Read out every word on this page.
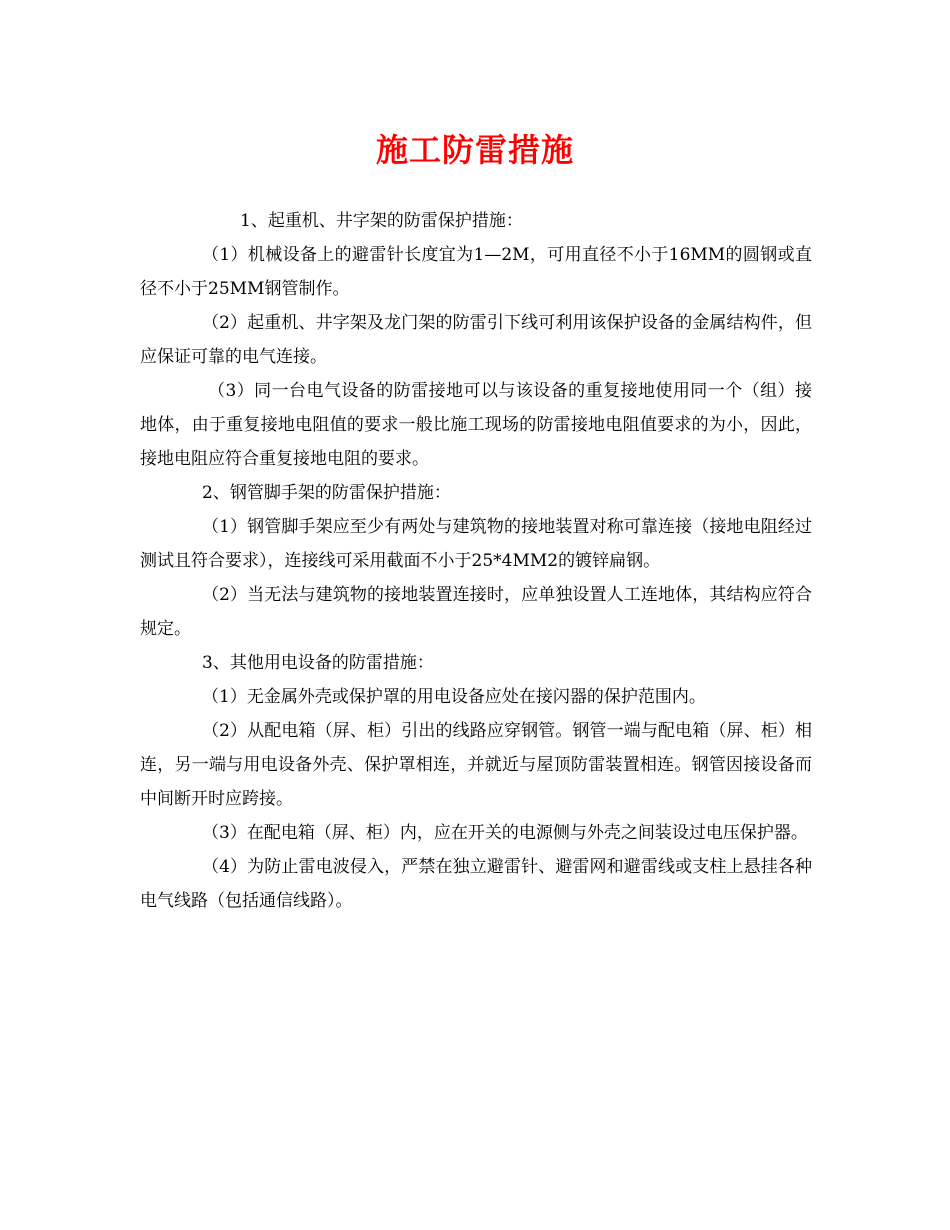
施工防雷措施

1、起重机、井字架的防雷保护措施：

（1）机械设备上的避雷针长度宜为1—2M，可用直径不小于16MM的圆钢或直径不小于25MM钢管制作。

（2）起重机、井字架及龙门架的防雷引下线可利用该保护设备的金属结构件，但应保证可靠的电气连接。

（3）同一台电气设备的防雷接地可以与该设备的重复接地使用同一个（组）接地体，由于重复接地电阻值的要求一般比施工现场的防雷接地电阻值要求的为小，因此，接地电阻应符合重复接地电阻的要求。

2、钢管脚手架的防雷保护措施：

（1）钢管脚手架应至少有两处与建筑物的接地装置对称可靠连接（接地电阻经过测试且符合要求），连接线可采用截面不小于25*4MM2的镀锌扁钢。

（2）当无法与建筑物的接地装置连接时，应单独设置人工连地体，其结构应符合规定。

3、其他用电设备的防雷措施：

（1）无金属外壳或保护罩的用电设备应处在接闪器的保护范围内。

（2）从配电箱（屏、柜）引出的线路应穿钢管。钢管一端与配电箱（屏、柜）相连，另一端与用电设备外壳、保护罩相连，并就近与屋顶防雷装置相连。钢管因接设备而中间断开时应跨接。

（3）在配电箱（屏、柜）内，应在开关的电源侧与外壳之间装设过电压保护器。

（4）为防止雷电波侵入，严禁在独立避雷针、避雷网和避雷线或支柱上悬挂各种电气线路（包括通信线路）。
